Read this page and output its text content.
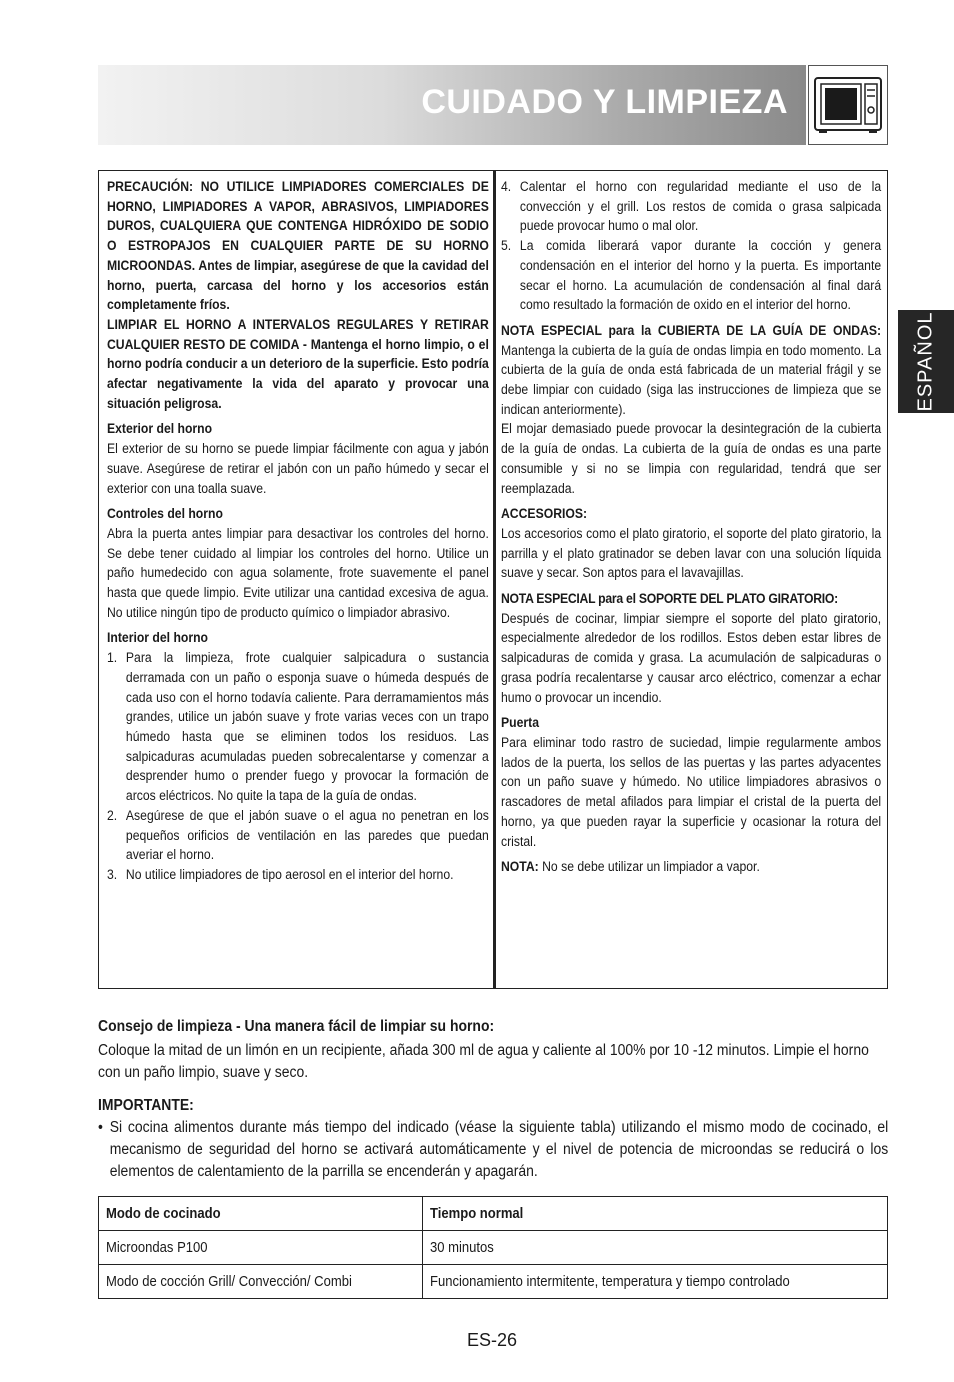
CUIDADO Y LIMPIEZA
ESPAÑOL

PRECAUCIÓN: NO UTILICE LIMPIADORES COMERCIALES DE HORNO, LIMPIADORES A VAPOR, ABRASIVOS, LIMPIADORES DUROS, CUALQUIERA QUE CONTENGA HIDRÓXIDO DE SODIO O ESTROPAJOS EN CUALQUIER PARTE DE SU HORNO MICROONDAS. Antes de limpiar, asegúrese de que la cavidad del horno, puerta, carcasa del horno y los accesorios están completamente fríos.

LIMPIAR EL HORNO A INTERVALOS REGULARES Y RETIRAR CUALQUIER RESTO DE COMIDA - Mantenga el horno limpio, o el horno podría conducir a un deterioro de la superficie. Esto podría afectar negativamente la vida del aparato y provocar una situación peligrosa.

Exterior del horno

El exterior de su horno se puede limpiar fácilmente con agua y jabón suave. Asegúrese de retirar el jabón con un paño húmedo y secar el exterior con una toalla suave.

Controles del horno

Abra la puerta antes limpiar para desactivar los controles del horno. Se debe tener cuidado al limpiar los controles del horno. Utilice un paño humedecido con agua solamente, frote suavemente el panel hasta que quede limpio. Evite utilizar una cantidad excesiva de agua. No utilice ningún tipo de producto químico o limpiador abrasivo.

Interior del horno

1. Para la limpieza, frote cualquier salpicadura o sustancia derramada con un paño o esponja suave o húmeda después de cada uso con el horno todavía caliente. Para derramamientos más grandes, utilice un jabón suave y frote varias veces con un trapo húmedo hasta que se eliminen todos los residuos. Las salpicaduras acumuladas pueden sobrecalentarse y comenzar a desprender humo o prender fuego y provocar la formación de arcos eléctricos. No quite la tapa de la guía de ondas.
2. Asegúrese de que el jabón suave o el agua no penetran en los pequeños orificios de ventilación en las paredes que puedan averiar el horno.
3. No utilice limpiadores de tipo aerosol en el interior del horno.
4. Calentar el horno con regularidad mediante el uso de la convección y el grill. Los restos de comida o grasa salpicada puede provocar humo o mal olor.
5. La comida liberará vapor durante la cocción y genera condensación en el interior del horno y la puerta. Es importante secar el horno. La acumulación de condensación al final dará como resultado la formación de oxido en el interior del horno.

NOTA ESPECIAL para la CUBIERTA DE LA GUÍA DE ONDAS: Mantenga la cubierta de la guía de ondas limpia en todo momento. La cubierta de la guía de onda está fabricada de un material frágil y se debe limpiar con cuidado (siga las instrucciones de limpieza que se indican anteriormente).

El mojar demasiado puede provocar la desintegración de la cubierta de la guía de ondas. La cubierta de la guía de ondas es una parte consumible y si no se limpia con regularidad, tendrá que ser reemplazada.

ACCESORIOS:

Los accesorios como el plato giratorio, el soporte del plato giratorio, la parrilla y el plato gratinador se deben lavar con una solución líquida suave y secar. Son aptos para el lavavajillas.

NOTA ESPECIAL para el SOPORTE DEL PLATO GIRATORIO:

Después de cocinar, limpiar siempre el soporte del plato giratorio, especialmente alrededor de los rodillos. Estos deben estar libres de salpicaduras de comida y grasa. La acumulación de salpicaduras o grasa podría recalentarse y causar arco eléctrico, comenzar a echar humo o provocar un incendio.

Puerta

Para eliminar todo rastro de suciedad, limpie regularmente ambos lados de la puerta, los sellos de las puertas y las partes adyacentes con un paño suave y húmedo. No utilice limpiadores abrasivos o rascadores de metal afilados para limpiar el cristal de la puerta del horno, ya que pueden rayar la superficie y ocasionar la rotura del cristal.

NOTA: No se debe utilizar un limpiador a vapor.

Consejo de limpieza - Una manera fácil de limpiar su horno:

Coloque la mitad de un limón en un recipiente, añada 300 ml de agua y caliente al 100% por 10 -12 minutos. Limpie el horno con un paño limpio, suave y seco.

IMPORTANTE:

• Si cocina alimentos durante más tiempo del indicado (véase la siguiente tabla) utilizando el mismo modo de cocinado, el mecanismo de seguridad del horno se activará automáticamente y el nivel de potencia de microondas se reducirá o los elementos de calentamiento de la parrilla se encenderán y apagarán.
Modo de cocinado	Tiempo normal
Microondas P100	30 minutos
Modo de cocción Grill/ Convección/ Combi	Funcionamiento intermitente, temperatura y tiempo controlado
ES-26
